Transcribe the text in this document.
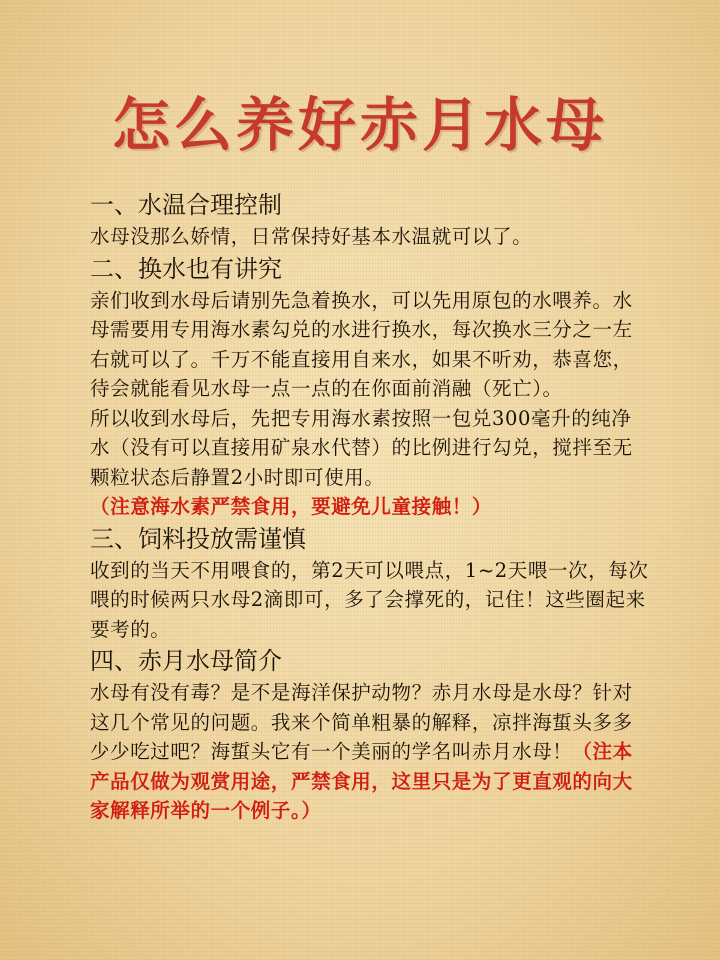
怎么养好赤月水母
一、水温合理控制

水母没那么娇情，日常保持好基本水温就可以了。

二、换水也有讲究

亲们收到水母后请别先急着换水，可以先用原包的水喂养。水母需要用专用海水素勾兑的水进行换水，每次换水三分之一左右就可以了。千万不能直接用自来水，如果不听劝，恭喜您，待会就能看见水母一点一点的在你面前消融（死亡）。

所以收到水母后，先把专用海水素按照一包兑300毫升的纯净水（没有可以直接用矿泉水代替）的比例进行勾兑，搅拌至无颗粒状态后静置2小时即可使用。

（注意海水素严禁食用，要避免儿童接触！）

三、饲料投放需谨慎

收到的当天不用喂食的，第2天可以喂点，1~2天喂一次，每次喂的时候两只水母2滴即可，多了会撑死的，记住！这些圈起来要考的。

四、赤月水母简介

水母有没有毒？是不是海洋保护动物？赤月水母是水母？针对这几个常见的问题。我来个简单粗暴的解释，凉拌海蜇头多多少少吃过吧？海蜇头它有一个美丽的学名叫赤月水母！（注本产品仅做为观赏用途，严禁食用，这里只是为了更直观的向大家解释所举的一个例子。）
